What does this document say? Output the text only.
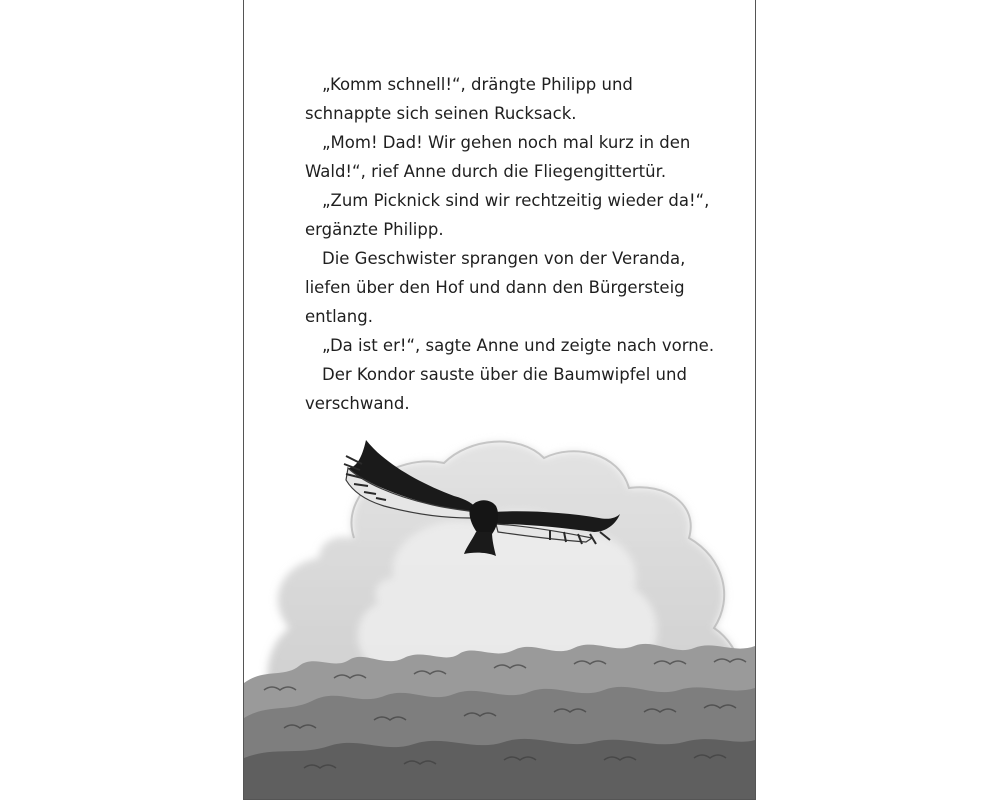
„Komm schnell!“, drängte Philipp und
schnappte sich seinen Rucksack.
„Mom! Dad! Wir gehen noch mal kurz in den
Wald!“, rief Anne durch die Fliegengittertür.
„Zum Picknick sind wir rechtzeitig wieder da!“,
ergänzte Philipp.
Die Geschwister sprangen von der Veranda,
liefen über den Hof und dann den Bürgersteig
entlang.
„Da ist er!“, sagte Anne und zeigte nach vorne.
Der Kondor sauste über die Baumwipfel und
verschwand.
